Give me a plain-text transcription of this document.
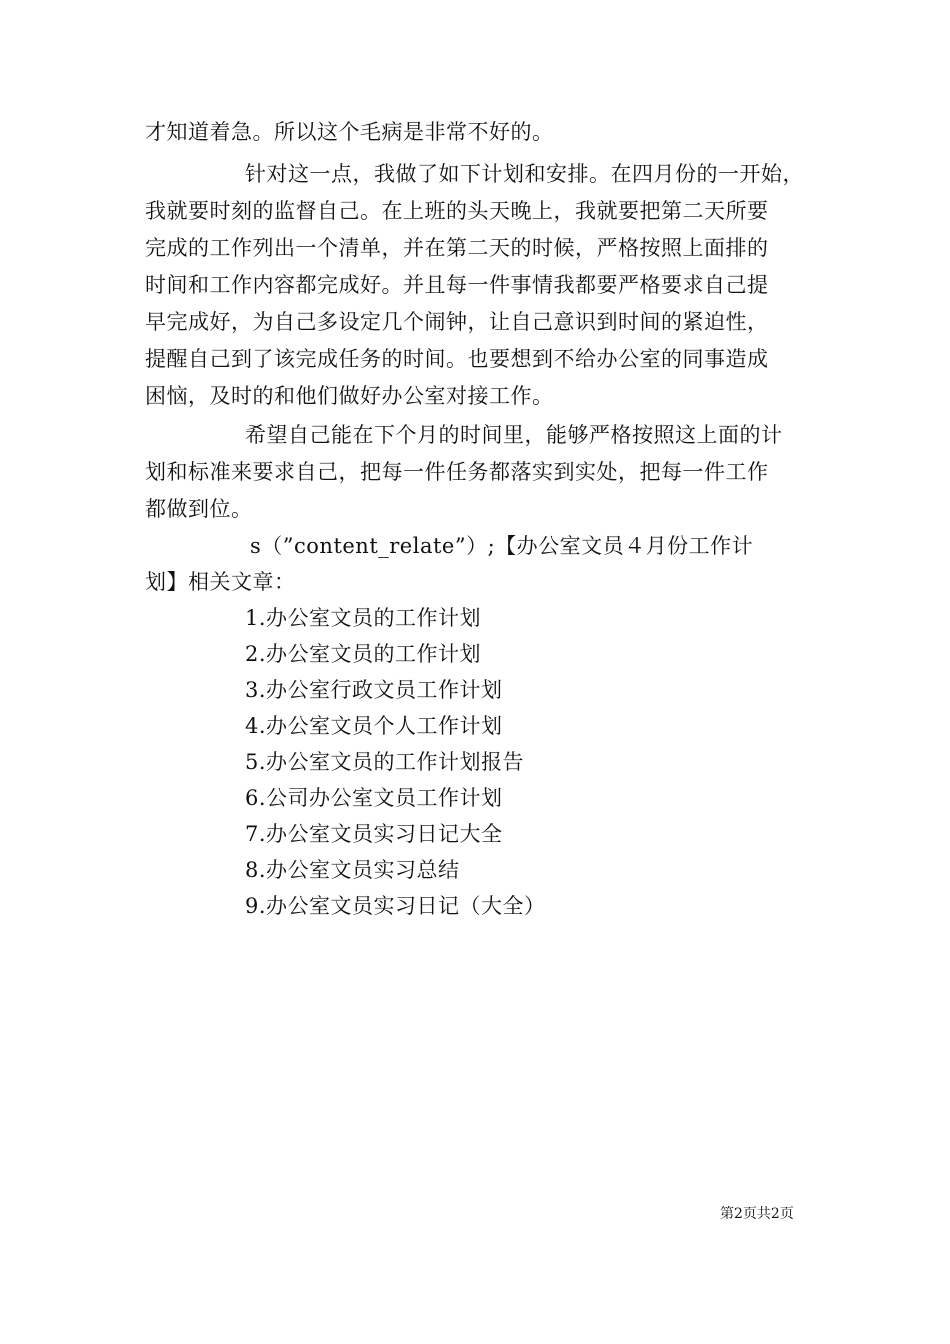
才知道着急。所以这个毛病是非常不好的。
针对这一点，我做了如下计划和安排。在四月份的一开始，
我就要时刻的监督自己。在上班的头天晚上，我就要把第二天所要
完成的工作列出一个清单，并在第二天的时候，严格按照上面排的
时间和工作内容都完成好。并且每一件事情我都要严格要求自己提
早完成好，为自己多设定几个闹钟，让自己意识到时间的紧迫性，
提醒自己到了该完成任务的时间。也要想到不给办公室的同事造成
困恼，及时的和他们做好办公室对接工作。
希望自己能在下个月的时间里，能够严格按照这上面的计
划和标准来要求自己，把每一件任务都落实到实处，把每一件工作
都做到位。
s（”content_relate”）;【办公室文员４月份工作计
划】相关文章：
1.办公室文员的工作计划
2.办公室文员的工作计划
3.办公室行政文员工作计划
4.办公室文员个人工作计划
5.办公室文员的工作计划报告
6.公司办公室文员工作计划
7.办公室文员实习日记大全
8.办公室文员实习总结
9.办公室文员实习日记（大全）
第2页共2页
